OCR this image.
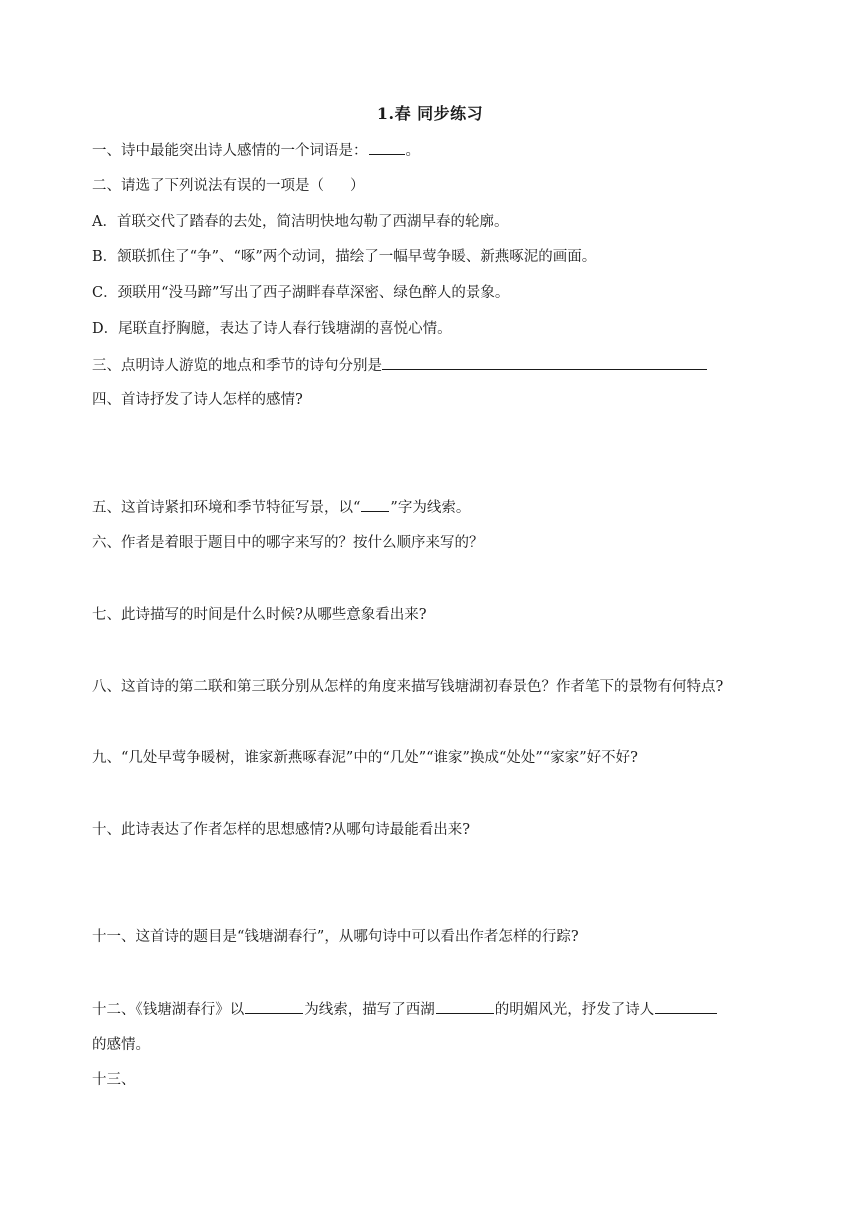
1.春 同步练习
一、诗中最能突出诗人感情的一个词语是：	。
二、请选了下列说法有误的一项是（ ）
A．首联交代了踏春的去处，简洁明快地勾勒了西湖早春的轮廓。
B．颔联抓住了“争”、“啄”两个动词，描绘了一幅早莺争暖、新燕啄泥的画面。
C．颈联用“没马蹄”写出了西子湖畔春草深密、绿色醉人的景象。
D．尾联直抒胸臆，表达了诗人春行钱塘湖的喜悦心情。
三、点明诗人游览的地点和季节的诗句分别是
四、首诗抒发了诗人怎样的感情?
五、这首诗紧扣环境和季节特征写景，以“ ”字为线索。
六、作者是着眼于题目中的哪字来写的？按什么顺序来写的？
七、此诗描写的时间是什么时候?从哪些意象看出来?
八、这首诗的第二联和第三联分别从怎样的角度来描写钱塘湖初春景色？作者笔下的景物有何特点?
九、“几处早莺争暖树，谁家新燕啄春泥”中的“几处”“谁家”换成“处处”“家家”好不好?
十、此诗表达了作者怎样的思想感情?从哪句诗最能看出来?
十一、这首诗的题目是“钱塘湖春行”，从哪句诗中可以看出作者怎样的行踪?
十二、《钱塘湖春行》以	为线索，描写了西湖	的明媚风光，抒发了诗人
的感情。
十三、
